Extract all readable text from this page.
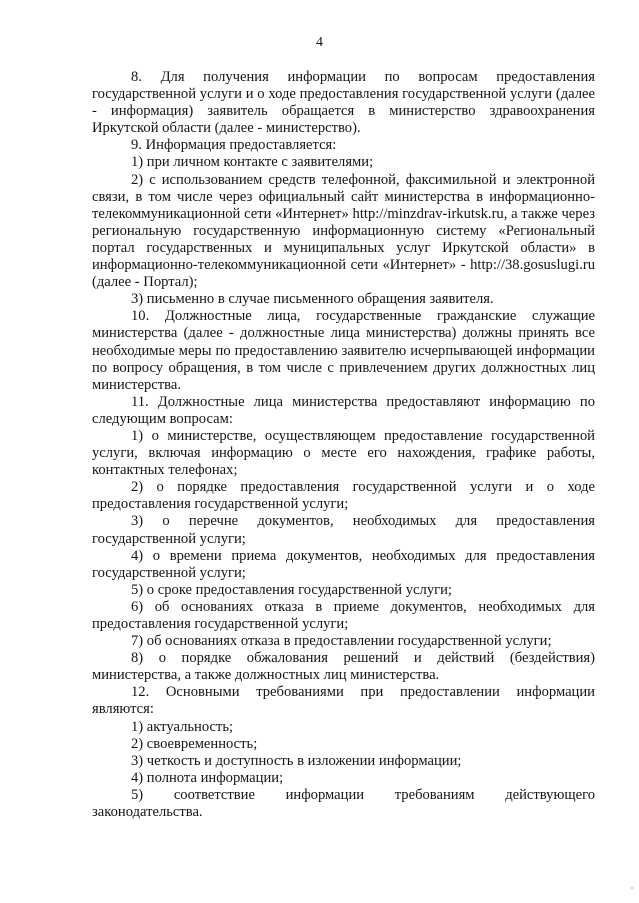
4

8. Для получения информации по вопросам предоставления государственной услуги и о ходе предоставления государственной услуги (далее - информация) заявитель обращается в министерство здравоохранения Иркутской области (далее - министерство).

9. Информация предоставляется:

1) при личном контакте с заявителями;

2) с использованием средств телефонной, факсимильной и электронной связи, в том числе через официальный сайт министерства в информационно-телекоммуникационной сети «Интернет» http://minzdrav-irkutsk.ru, а также через региональную государственную информационную систему «Региональный портал государственных и муниципальных услуг Иркутской области» в информационно-телекоммуникационной сети «Интернет» - http://38.gosuslugi.ru (далее - Портал);

3) письменно в случае письменного обращения заявителя.

10. Должностные лица, государственные гражданские служащие министерства (далее - должностные лица министерства) должны принять все необходимые меры по предоставлению заявителю исчерпывающей информации по вопросу обращения, в том числе с привлечением других должностных лиц министерства.

11. Должностные лица министерства предоставляют информацию по следующим вопросам:

1) о министерстве, осуществляющем предоставление государственной услуги, включая информацию о месте его нахождения, графике работы, контактных телефонах;

2) о порядке предоставления государственной услуги и о ходе предоставления государственной услуги;

3) о перечне документов, необходимых для предоставления государственной услуги;

4) о времени приема документов, необходимых для предоставления государственной услуги;

5) о сроке предоставления государственной услуги;

6) об основаниях отказа в приеме документов, необходимых для предоставления государственной услуги;

7) об основаниях отказа в предоставлении государственной услуги;

8) о порядке обжалования решений и действий (бездействия) министерства, а также должностных лиц министерства.

12. Основными требованиями при предоставлении информации являются:

1) актуальность;

2) своевременность;

3) четкость и доступность в изложении информации;

4) полнота информации;

5) соответствие информации требованиям действующего законодательства.
